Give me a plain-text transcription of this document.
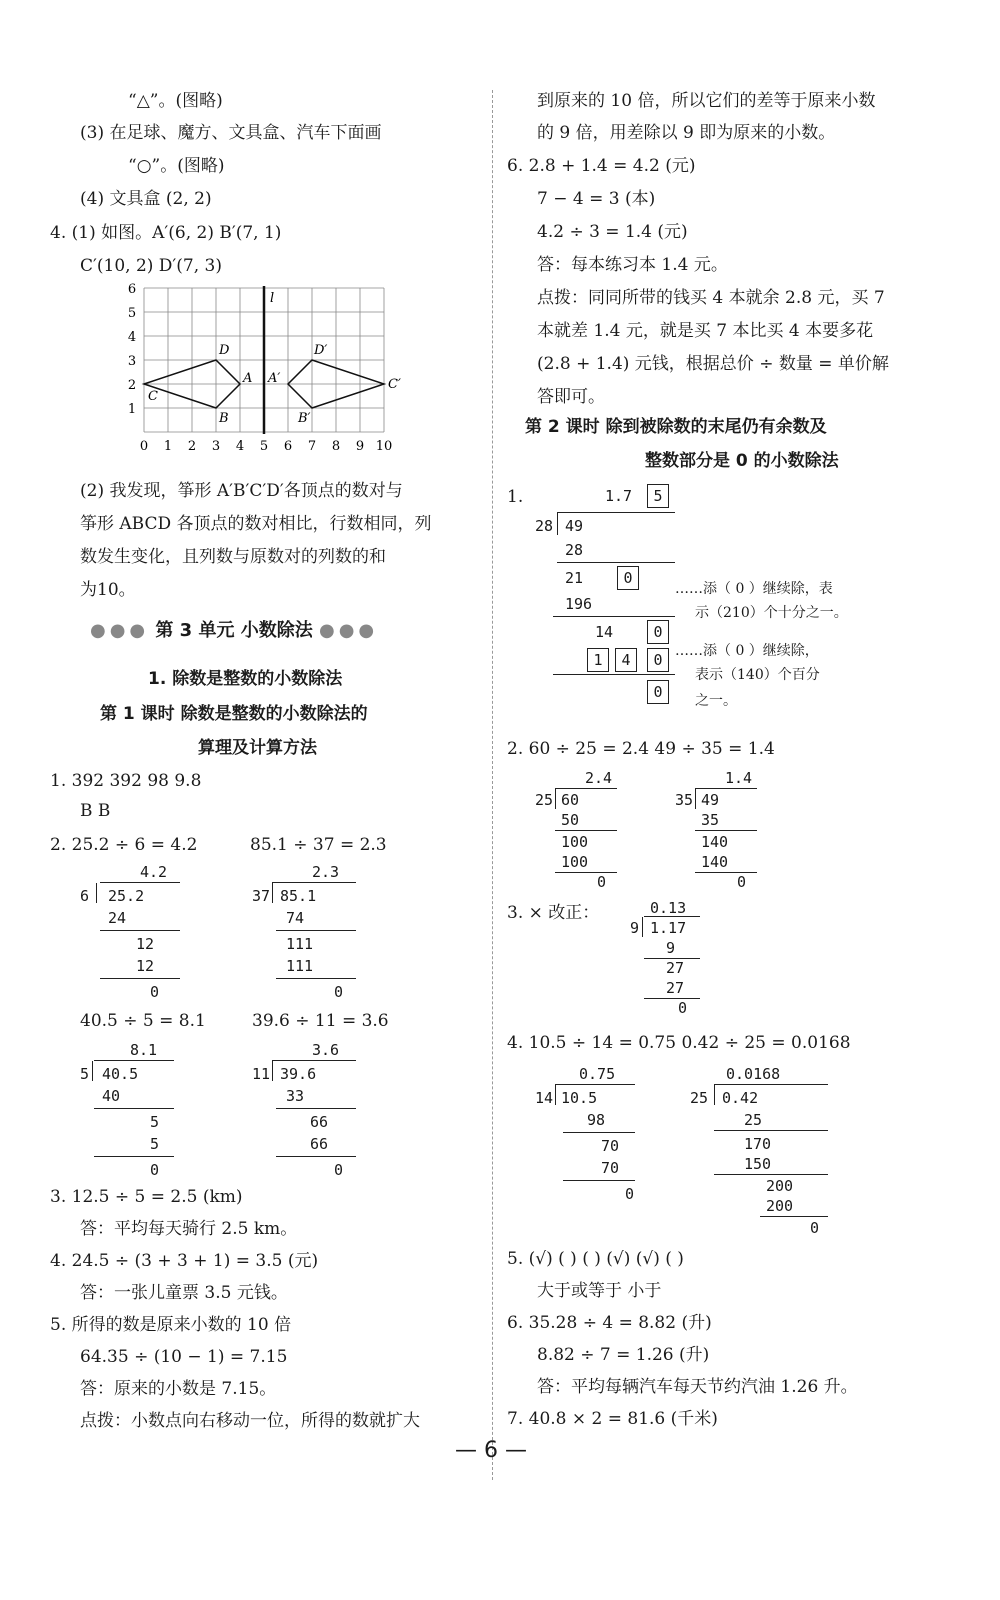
“△”。(图略)
(3) 在足球、魔方、文具盒、汽车下面画
“○”。(图略)
(4) 文具盒 (2, 2)
4. (1) 如图。A′(6, 2) B′(7, 1)
C′(10, 2) D′(7, 3)
0 1 2 3 4 5 6 7 8 9 10
1
2
3
4
5
6
l
C
D
A
B
A′
D′
C′
B′
(2) 我发现，筝形 A′B′C′D′各顶点的数对与
筝形 ABCD 各顶点的数对相比，行数相同，列
数发生变化，且列数与原数对的列数的和
为10。
●●● 第 3 单元 小数除法 ●●●
1. 除数是整数的小数除法
第 1 课时 除数是整数的小数除法的
算理及计算方法
1. 392 392 98 9.8
B B
2. 25.2 ÷ 6 = 4.2	85.1 ÷ 37 = 2.3
4.2
6 25.2
24
12
12
0
2.3
37 85.1
74
111
111
0
40.5 ÷ 5 = 8.1	39.6 ÷ 11 = 3.6
8.1
5 40.5
40
5
5
0
3.6
11 39.6
33
66
66
0
3. 12.5 ÷ 5 = 2.5 (km)
答：平均每天骑行 2.5 km。
4. 24.5 ÷ (3 + 3 + 1) = 3.5 (元)
答：一张儿童票 3.5 元钱。
5. 所得的数是原来小数的 10 倍
64.35 ÷ (10 − 1) = 7.15
答：原来的小数是 7.15。
点拨：小数点向右移动一位，所得的数就扩大
到原来的 10 倍，所以它们的差等于原来小数
的 9 倍，用差除以 9 即为原来的小数。
6. 2.8 + 1.4 = 4.2 (元)
7 − 4 = 3 (本)
4.2 ÷ 3 = 1.4 (元)
答：每本练习本 1.4 元。
点拨：同同所带的钱买 4 本就余 2.8 元，买 7
本就差 1.4 元，就是买 7 本比买 4 本要多花
(2.8 + 1.4) 元钱，根据总价 ÷ 数量 = 单价解
答即可。
第 2 课时 除到被除数的末尾仍有余数及
整数部分是 0 的小数除法
1.	1.7	5
28 49
28
21	0
196
14	0
1	4	0
0
……添（ 0 ）继续除，表
示（210）个十分之一。
……添（ 0 ）继续除，
表示（140）个百分
之一。
2. 60 ÷ 25 = 2.4 49 ÷ 35 = 1.4
2.4
25 60
50
100
100
0
1.4
35 49
35
140
140
0
3. × 改正：	0.13
9 1.17
9
27
27
0
4. 10.5 ÷ 14 = 0.75 0.42 ÷ 25 = 0.0168
0.75
14 10.5
98
70
70
0
0.0168
25 0.42
25
170
150
200
200
0
5. (√) ( ) ( ) (√) (√) ( )
大于或等于 小于
6. 35.28 ÷ 4 = 8.82 (升)
8.82 ÷ 7 = 1.26 (升)
答：平均每辆汽车每天节约汽油 1.26 升。
7. 40.8 × 2 = 81.6 (千米)
— 6 —
